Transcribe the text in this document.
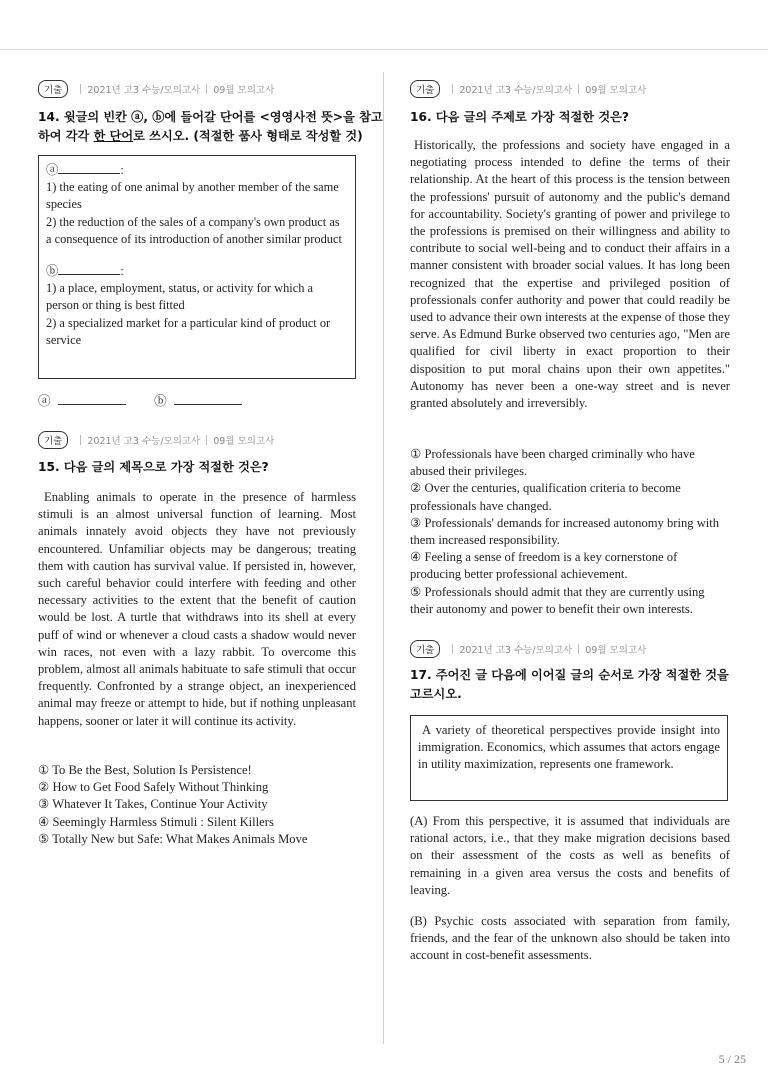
기출	2021년 고3 수능/모의고사 09월 모의고사
14. 윗글의 빈칸 ⓐ, ⓑ에 들어갈 단어를 <영영사전 뜻>을 참고
하여 각각 한 단어로 쓰시오. (적절한 품사 형태로 작성할 것)
ⓐ	:
1) the eating of one animal by another member of the same species
2) the reduction of the sales of a company's own product as a consequence of its introduction of another similar product
ⓑ	:
1) a place, employment, status, or activity for which a person or thing is best fitted
2) a specialized market for a particular kind of product or service
ⓐ	ⓑ
기출	2021년 고3 수능/모의고사 09월 모의고사
15. 다음 글의 제목으로 가장 적절한 것은?

Enabling animals to operate in the presence of harmless stimuli is an almost universal function of learning. Most animals innately avoid objects they have not previously encountered. Unfamiliar objects may be dangerous; treating them with caution has survival value. If persisted in, however, such careful behavior could interfere with feeding and other necessary activities to the extent that the benefit of caution would be lost. A turtle that withdraws into its shell at every puff of wind or whenever a cloud casts a shadow would never win races, not even with a lazy rabbit. To overcome this problem, almost all animals habituate to safe stimuli that occur frequently. Confronted by a strange object, an inexperienced animal may freeze or attempt to hide, but if nothing unpleasant happens, sooner or later it will continue its activity.

① To Be the Best, Solution Is Persistence!
② How to Get Food Safely Without Thinking
③ Whatever It Takes, Continue Your Activity
④ Seemingly Harmless Stimuli : Silent Killers
⑤ Totally New but Safe: What Makes Animals Move
기출	2021년 고3 수능/모의고사 09월 모의고사
16. 다음 글의 주제로 가장 적절한 것은?

Historically, the professions and society have engaged in a negotiating process intended to define the terms of their relationship. At the heart of this process is the tension between the professions' pursuit of autonomy and the public's demand for accountability. Society's granting of power and privilege to the professions is premised on their willingness and ability to contribute to social well-being and to conduct their affairs in a manner consistent with broader social values. It has long been recognized that the expertise and privileged position of professionals confer authority and power that could readily be used to advance their own interests at the expense of those they serve. As Edmund Burke observed two centuries ago, "Men are qualified for civil liberty in exact proportion to their disposition to put moral chains upon their own appetites." Autonomy has never been a one-way street and is never granted absolutely and irreversibly.

① Professionals have been charged criminally who have abused their privileges.
② Over the centuries, qualification criteria to become professionals have changed.
③ Professionals' demands for increased autonomy bring with them increased responsibility.
④ Feeling a sense of freedom is a key cornerstone of producing better professional achievement.
⑤ Professionals should admit that they are currently using their autonomy and power to benefit their own interests.
기출	2021년 고3 수능/모의고사 09월 모의고사
17. 주어진 글 다음에 이어질 글의 순서로 가장 적절한 것을 고르시오.

A variety of theoretical perspectives provide insight into immigration. Economics, which assumes that actors engage in utility maximization, represents one framework.

(A) From this perspective, it is assumed that individuals are rational actors, i.e., that they make migration decisions based on their assessment of the costs as well as benefits of remaining in a given area versus the costs and benefits of leaving.

(B) Psychic costs associated with separation from family, friends, and the fear of the unknown also should be taken into account in cost-benefit assessments.

5 / 25
